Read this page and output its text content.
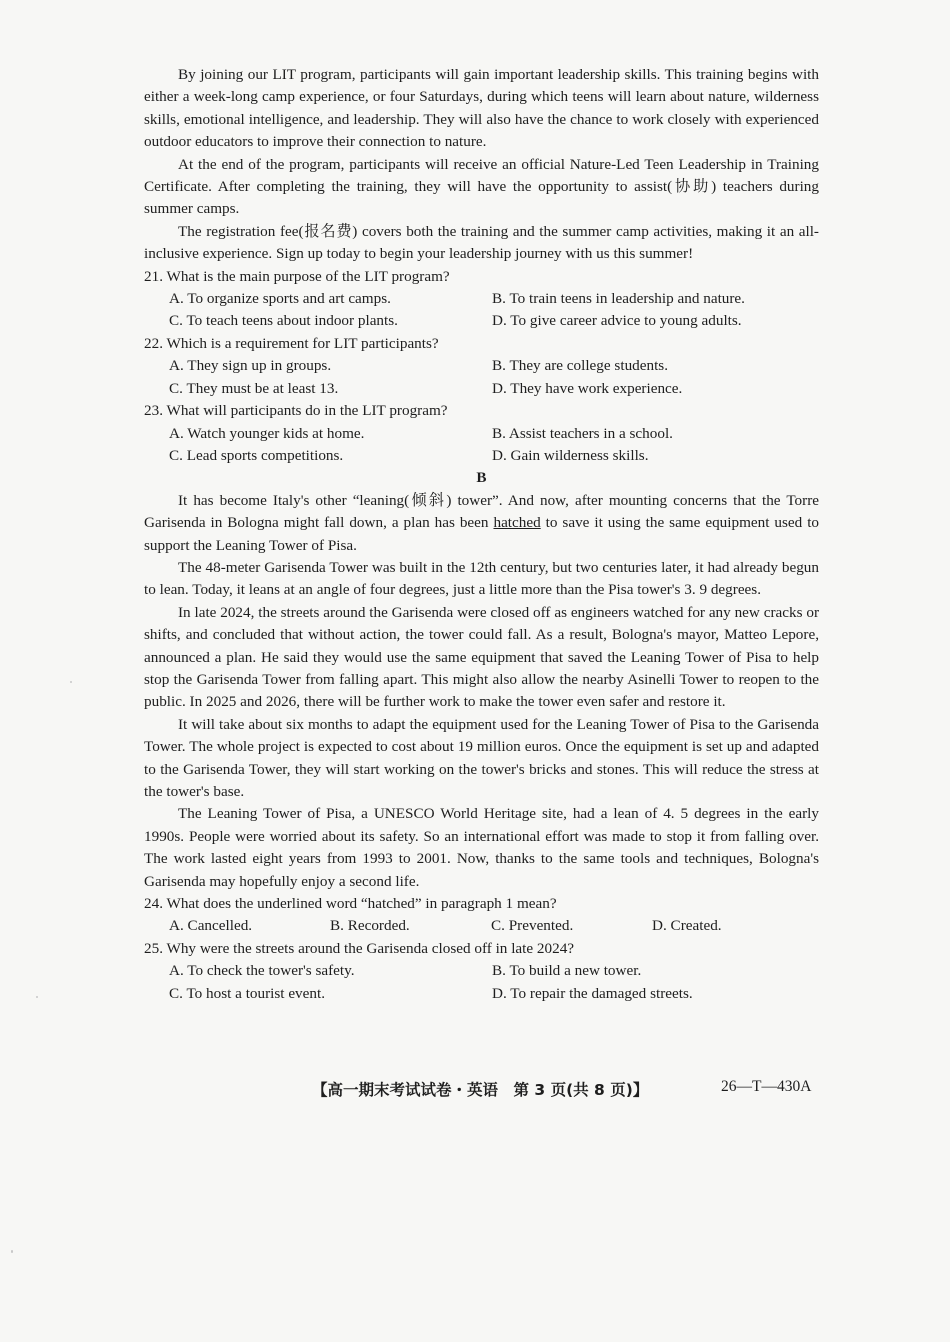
By joining our LIT program, participants will gain important leadership skills. This training begins with either a week-long camp experience, or four Saturdays, during which teens will learn about nature, wilderness skills, emotional intelligence, and leadership. They will also have the chance to work closely with experienced outdoor educators to improve their connection to nature.

At the end of the program, participants will receive an official Nature-Led Teen Leadership in Training Certificate. After completing the training, they will have the opportunity to assist(协助) teachers during summer camps.

The registration fee(报名费) covers both the training and the summer camp activities, making it an all-inclusive experience. Sign up today to begin your leadership journey with us this summer!

21. What is the main purpose of the LIT program?

A. To organize sports and art camps.	B. To train teens in leadership and nature.
C. To teach teens about indoor plants.	D. To give career advice to young adults.

22. Which is a requirement for LIT participants?

A. They sign up in groups.	B. They are college students.
C. They must be at least 13.	D. They have work experience.

23. What will participants do in the LIT program?

A. Watch younger kids at home.	B. Assist teachers in a school.
C. Lead sports competitions.	D. Gain wilderness skills.

B

It has become Italy's other “leaning(倾斜) tower”. And now, after mounting concerns that the Torre Garisenda in Bologna might fall down, a plan has been hatched to save it using the same equipment used to support the Leaning Tower of Pisa.

The 48-meter Garisenda Tower was built in the 12th century, but two centuries later, it had already begun to lean. Today, it leans at an angle of four degrees, just a little more than the Pisa tower's 3. 9 degrees.

In late 2024, the streets around the Garisenda were closed off as engineers watched for any new cracks or shifts, and concluded that without action, the tower could fall. As a result, Bologna's mayor, Matteo Lepore, announced a plan. He said they would use the same equipment that saved the Leaning Tower of Pisa to help stop the Garisenda Tower from falling apart. This might also allow the nearby Asinelli Tower to reopen to the public. In 2025 and 2026, there will be further work to make the tower even safer and restore it.

It will take about six months to adapt the equipment used for the Leaning Tower of Pisa to the Garisenda Tower. The whole project is expected to cost about 19 million euros. Once the equipment is set up and adapted to the Garisenda Tower, they will start working on the tower's bricks and stones. This will reduce the stress at the tower's base.

The Leaning Tower of Pisa, a UNESCO World Heritage site, had a lean of 4. 5 degrees in the early 1990s. People were worried about its safety. So an international effort was made to stop it from falling over. The work lasted eight years from 1993 to 2001. Now, thanks to the same tools and techniques, Bologna's Garisenda may hopefully enjoy a second life.

24. What does the underlined word “hatched” in paragraph 1 mean?

A. Cancelled.	B. Recorded.	C. Prevented.	D. Created.

25. Why were the streets around the Garisenda closed off in late 2024?

A. To check the tower's safety.	B. To build a new tower.
C. To host a tourist event.	D. To repair the damaged streets.
【高一期末考试试卷・英语　第 3 页(共 8 页)】	26—T—430A
